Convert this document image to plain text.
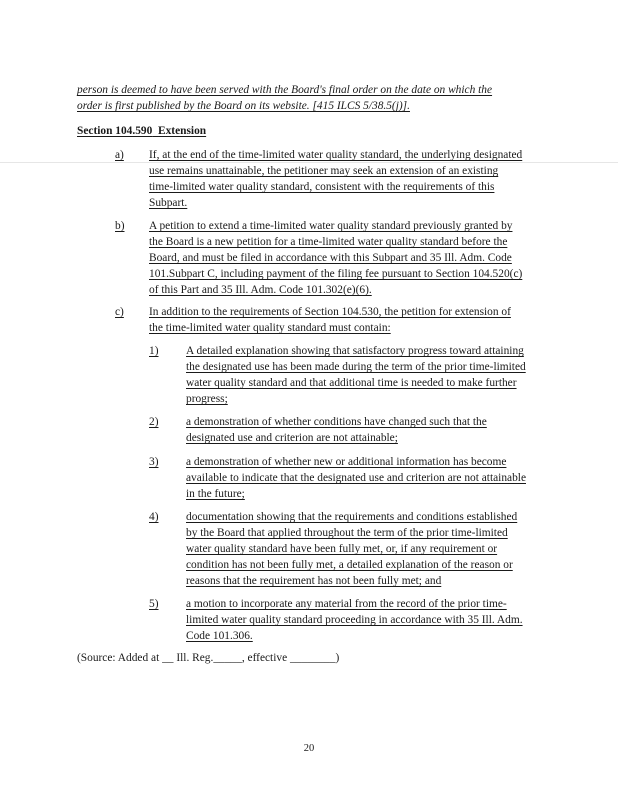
person is deemed to have been served with the Board's final order on the date on which the
order is first published by the Board on its website. [415 ILCS 5/38.5(j)].
Section 104.590 Extension
a) If, at the end of the time-limited water quality standard, the underlying designated
use remains unattainable, the petitioner may seek an extension of an existing
time-limited water quality standard, consistent with the requirements of this
Subpart.
b) A petition to extend a time-limited water quality standard previously granted by
the Board is a new petition for a time-limited water quality standard before the
Board, and must be filed in accordance with this Subpart and 35 Ill. Adm. Code
101.Subpart C, including payment of the filing fee pursuant to Section 104.520(c)
of this Part and 35 Ill. Adm. Code 101.302(e)(6).
c) In addition to the requirements of Section 104.530, the petition for extension of
the time-limited water quality standard must contain:
1) A detailed explanation showing that satisfactory progress toward attaining
the designated use has been made during the term of the prior time-limited
water quality standard and that additional time is needed to make further
progress;
2) a demonstration of whether conditions have changed such that the
designated use and criterion are not attainable;
3) a demonstration of whether new or additional information has become
available to indicate that the designated use and criterion are not attainable
in the future;
4) documentation showing that the requirements and conditions established
by the Board that applied throughout the term of the prior time-limited
water quality standard have been fully met, or, if any requirement or
condition has not been fully met, a detailed explanation of the reason or
reasons that the requirement has not been fully met; and
5) a motion to incorporate any material from the record of the prior time-
limited water quality standard proceeding in accordance with 35 Ill. Adm.
Code 101.306.
(Source: Added at __ Ill. Reg._____, effective ________)
20
